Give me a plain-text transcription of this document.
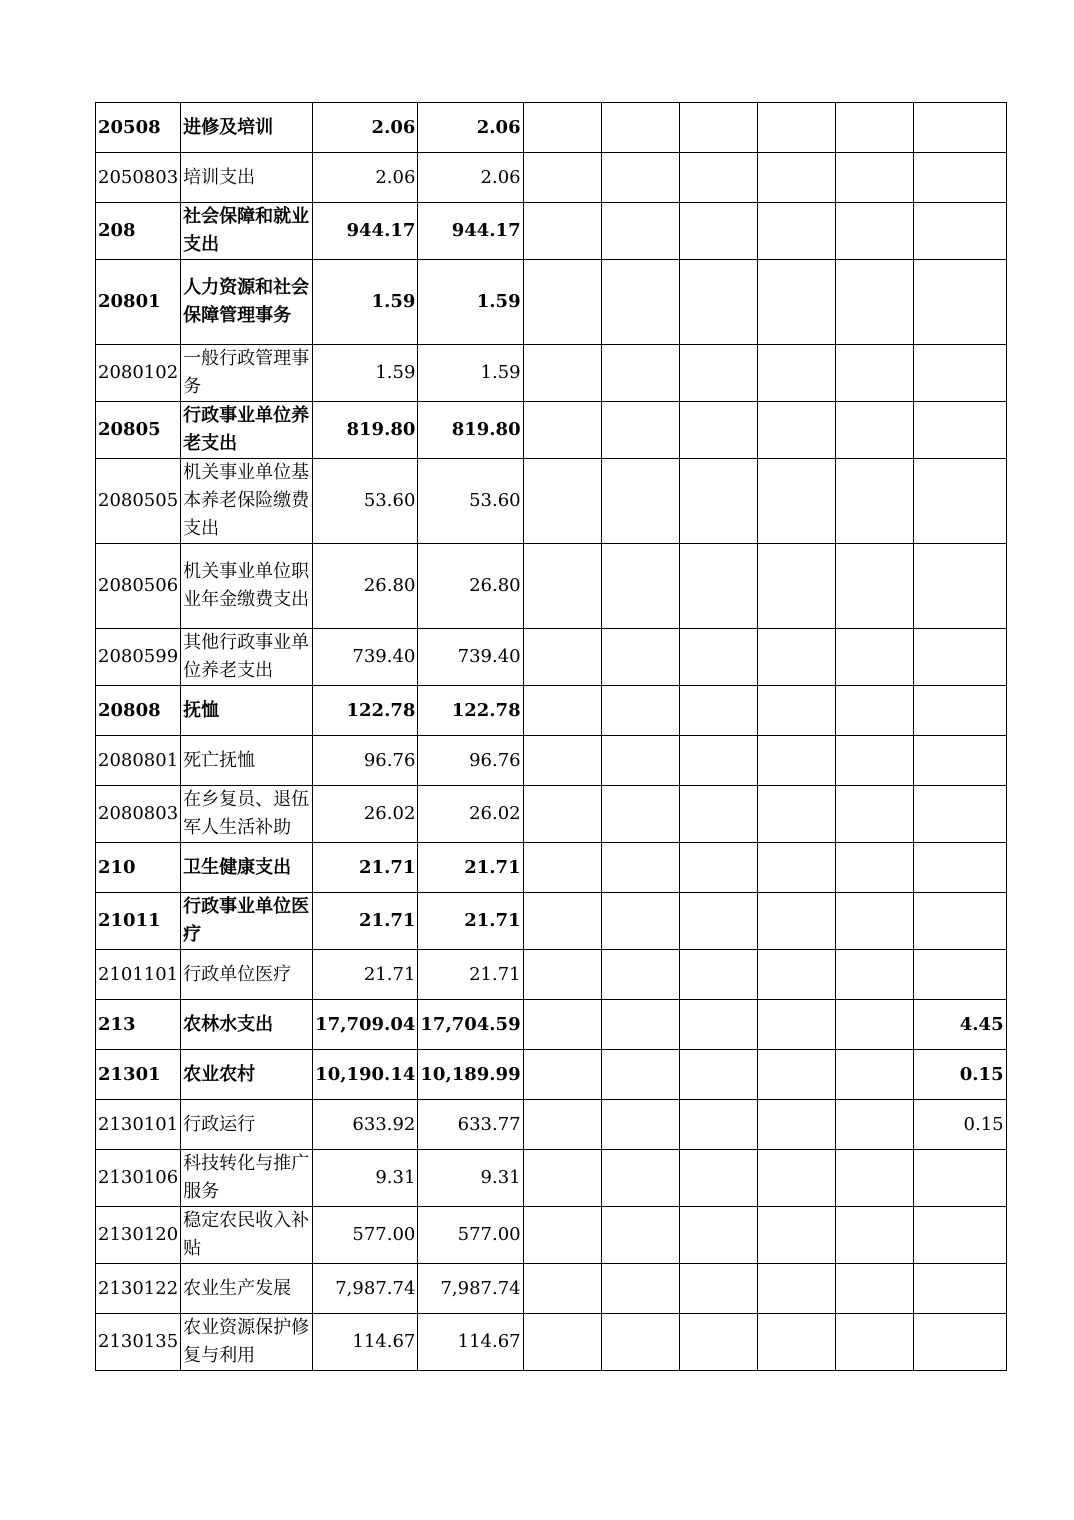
20508	进修及培训	2.06	2.06						
2050803	培训支出	2.06	2.06						
208	社会保障和就业支出	944.17	944.17						
20801	人力资源和社会保障管理事务	1.59	1.59						
2080102	一般行政管理事务	1.59	1.59						
20805	行政事业单位养老支出	819.80	819.80						
2080505	机关事业单位基本养老保险缴费支出	53.60	53.60						
2080506	机关事业单位职业年金缴费支出	26.80	26.80						
2080599	其他行政事业单位养老支出	739.40	739.40						
20808	抚恤	122.78	122.78						
2080801	死亡抚恤	96.76	96.76						
2080803	在乡复员、退伍军人生活补助	26.02	26.02						
210	卫生健康支出	21.71	21.71						
21011	行政事业单位医疗	21.71	21.71						
2101101	行政单位医疗	21.71	21.71						
213	农林水支出	17,709.04	17,704.59						4.45
21301	农业农村	10,190.14	10,189.99						0.15
2130101	行政运行	633.92	633.77						0.15
2130106	科技转化与推广服务	9.31	9.31						
2130120	稳定农民收入补贴	577.00	577.00						
2130122	农业生产发展	7,987.74	7,987.74						
2130135	农业资源保护修复与利用	114.67	114.67						
